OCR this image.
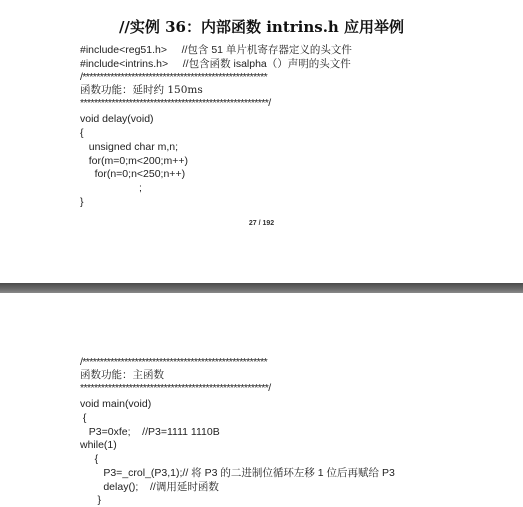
//实例 36：内部函数 intrins.h 应用举例
#include<reg51.h>     //包含 51 单片机寄存器定义的头文件
#include<intrins.h>     //包含函数 isalpha（）声明的头文件
/*****************************************************
函数功能：延时约 150ms
******************************************************/
void delay(void)
{
unsigned char m,n;
for(m=0;m<200;m++)
for(n=0;n<250;n++)
;
}
27 / 192
/*****************************************************
函数功能：主函数
******************************************************/
void main(void)
{
P3=0xfe;    //P3=1111 1110B
while(1)
{
P3=_crol_(P3,1);// 将 P3 的二进制位循环左移 1 位后再赋给 P3
delay();    //调用延时函数
}
